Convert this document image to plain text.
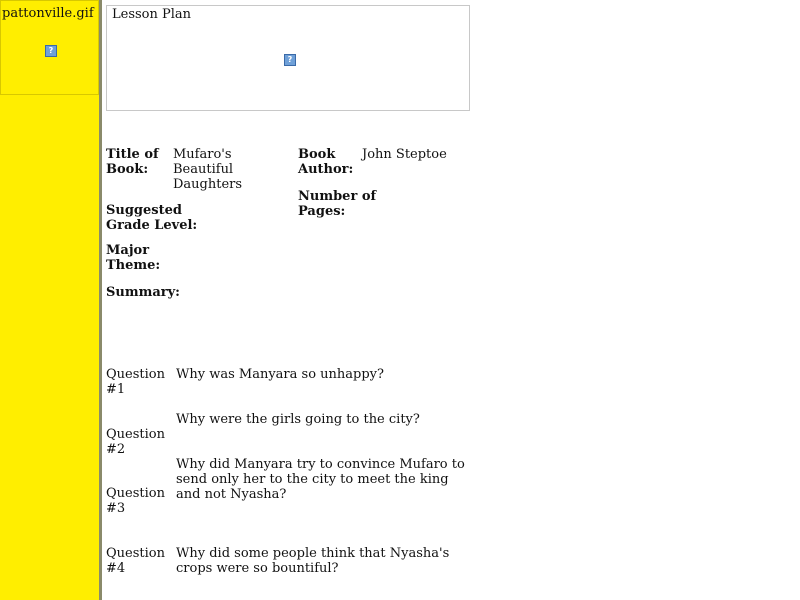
pattonville.gif
?
Lesson Plan
?
Title of Book:
Mufaro's Beautiful Daughters
Book Author:
John Steptoe
Number of Pages:
Suggested Grade Level:
Major Theme:
Summary:
Question #1
Why was Manyara so unhappy?
Why were the girls going to the city?
Question #2
Why did Manyara try to convince Mufaro to send only her to the city to meet the king and not Nyasha?
Question #3
Question #4
Why did some people think that Nyasha's crops were so bountiful?
